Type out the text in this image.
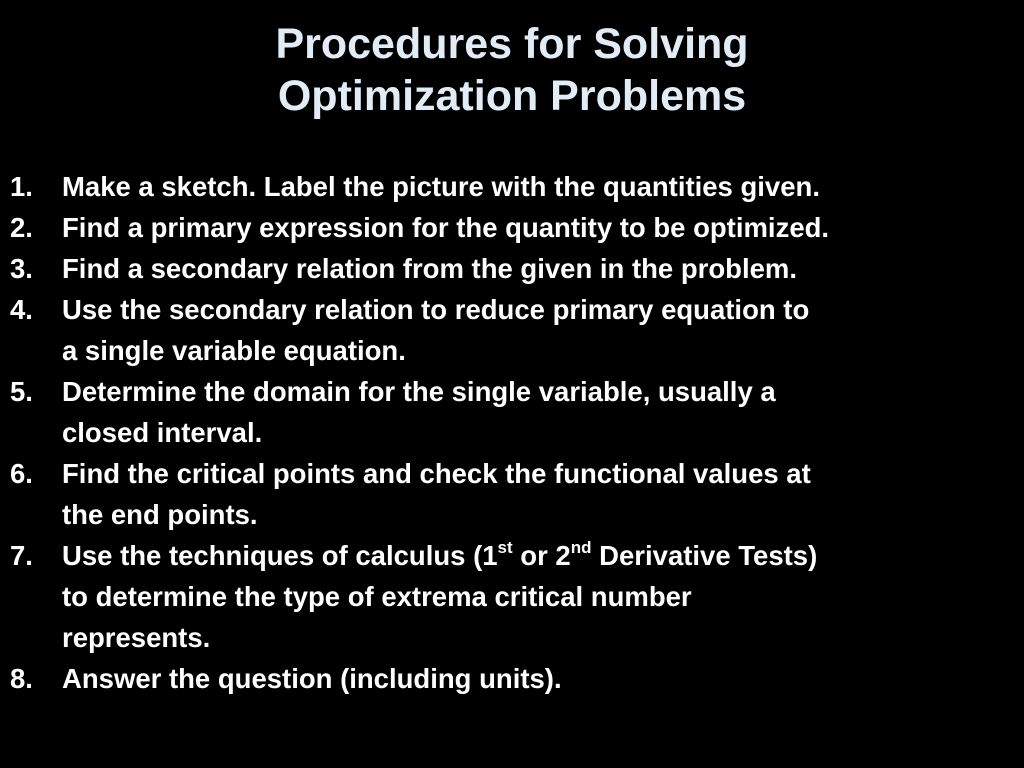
Procedures for Solving
Optimization Problems
1. Make a sketch. Label the picture with the quantities given.
2. Find a primary expression for the quantity to be optimized.
3. Find a secondary relation from the given in the problem.
4. Use the secondary relation to reduce primary equation to
a single variable equation.
5. Determine the domain for the single variable, usually a
closed interval.
6. Find the critical points and check the functional values at
the end points.
7. Use the techniques of calculus (1st or 2nd Derivative Tests)
to determine the type of extrema critical number
represents.
8. Answer the question (including units).
